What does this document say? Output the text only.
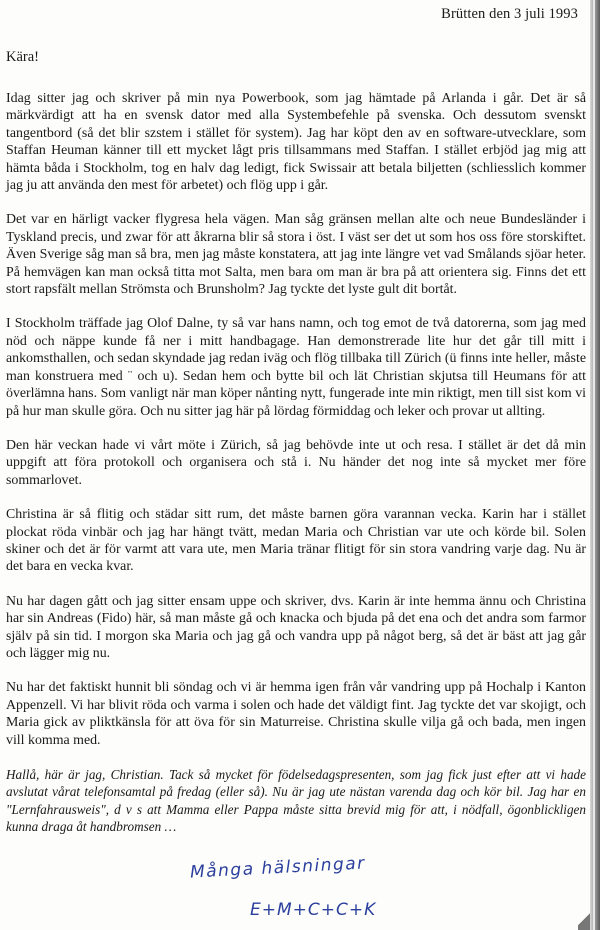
Brütten den 3 juli 1993
Kära!

Idag sitter jag och skriver på min nya Powerbook, som jag hämtade på Arlanda i går. Det är så märkvärdigt att ha en svensk dator med alla Systembefehle på svenska. Och dessutom svenskt tangentbord (så det blir szstem i stället för system). Jag har köpt den av en software-utvecklare, som Staffan Heuman känner till ett mycket lågt pris tillsammans med Staffan. I stället erbjöd jag mig att hämta båda i Stockholm, tog en halv dag ledigt, fick Swissair att betala biljetten (schliesslich kommer jag ju att använda den mest för arbetet) och flög upp i går.

Det var en härligt vacker flygresa hela vägen. Man såg gränsen mellan alte och neue Bundesländer i Tyskland precis, und zwar för att åkrarna blir så stora i öst. I väst ser det ut som hos oss före storskiftet. Även Sverige såg man så bra, men jag måste konstatera, att jag inte längre vet vad Smålands sjöar heter. På hemvägen kan man också titta mot Salta, men bara om man är bra på att orientera sig. Finns det ett stort rapsfält mellan Strömsta och Brunsholm? Jag tyckte det lyste gult dit bortåt.

I Stockholm träffade jag Olof Dalne, ty så var hans namn, och tog emot de två datorerna, som jag med nöd och näppe kunde få ner i mitt handbagage. Han demonstrerade lite hur det går till mitt i ankomsthallen, och sedan skyndade jag redan iväg och flög tillbaka till Zürich (ü finns inte heller, måste man konstruera med ¨ och u). Sedan hem och bytte bil och lät Christian skjutsa till Heumans för att överlämna hans. Som vanligt när man köper nånting nytt, fungerade inte min riktigt, men till sist kom vi på hur man skulle göra. Och nu sitter jag här på lördag förmiddag och leker och provar ut allting.

Den här veckan hade vi vårt möte i Zürich, så jag behövde inte ut och resa. I stället är det då min uppgift att föra protokoll och organisera och stå i. Nu händer det nog inte så mycket mer före sommarlovet.

Christina är så flitig och städar sitt rum, det måste barnen göra varannan vecka. Karin har i stället plockat röda vinbär och jag har hängt tvätt, medan Maria och Christian var ute och körde bil. Solen skiner och det är för varmt att vara ute, men Maria tränar flitigt för sin stora vandring varje dag. Nu är det bara en vecka kvar.

Nu har dagen gått och jag sitter ensam uppe och skriver, dvs. Karin är inte hemma ännu och Christina har sin Andreas (Fido) här, så man måste gå och knacka och bjuda på det ena och det andra som farmor själv på sin tid. I morgon ska Maria och jag gå och vandra upp på något berg, så det är bäst att jag går och lägger mig nu.

Nu har det faktiskt hunnit bli söndag och vi är hemma igen från vår vandring upp på Hochalp i Kanton Appenzell. Vi har blivit röda och varma i solen och hade det väldigt fint. Jag tyckte det var skojigt, och Maria gick av pliktkänsla för att öva för sin Maturreise. Christina skulle vilja gå och bada, men ingen vill komma med.

Hallå, här är jag, Christian. Tack så mycket för födelsedagspresenten, som jag fick just efter att vi hade avslutat vårat telefonsamtal på fredag (eller så). Nu är jag ute nästan varenda dag och kör bil. Jag har en "Lernfahrausweis", d v s att Mamma eller Pappa måste sitta brevid mig för att, i nödfall, ögonblickligen kunna draga åt handbromsen …

Många hälsningar
E+M+C+C+K
